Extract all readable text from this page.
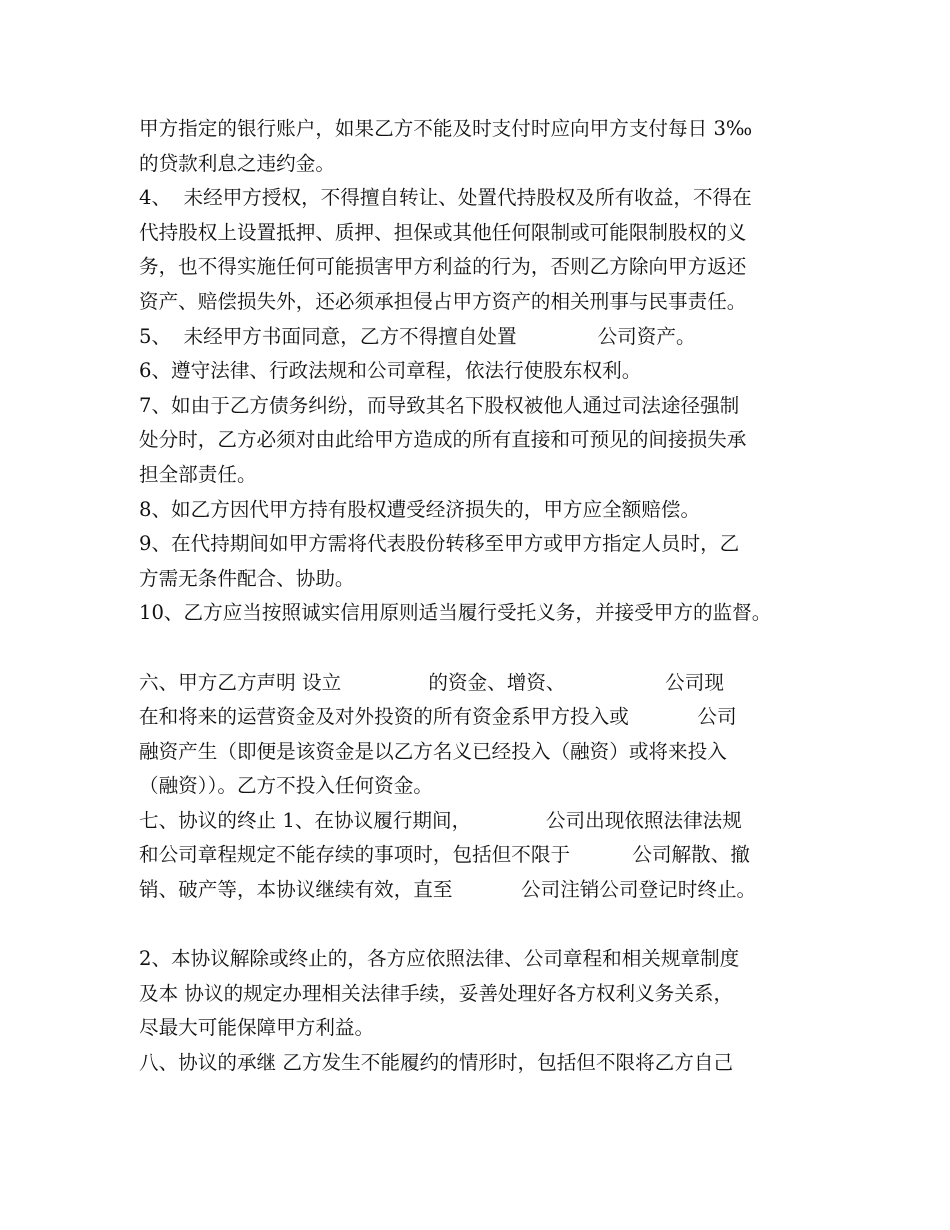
甲方指定的银行账户，如果乙方不能及时支付时应向甲方支付每日 3‰
的贷款利息之违约金。
4、  未经甲方授权，不得擅自转让、处置代持股权及所有收益，不得在
代持股权上设置抵押、质押、担保或其他任何限制或可能限制股权的义
务，也不得实施任何可能损害甲方利益的行为，否则乙方除向甲方返还
资产、赔偿损失外，还必须承担侵占甲方资产的相关刑事与民事责任。
5、  未经甲方书面同意，乙方不得擅自处置             公司资产。
6、遵守法律、行政法规和公司章程，依法行使股东权利。
7、如由于乙方债务纠纷，而导致其名下股权被他人通过司法途径强制
处分时，乙方必须对由此给甲方造成的所有直接和可预见的间接损失承
担全部责任。
8、如乙方因代甲方持有股权遭受经济损失的，甲方应全额赔偿。
9、在代持期间如甲方需将代表股份转移至甲方或甲方指定人员时，乙
方需无条件配合、协助。
10、乙方应当按照诚实信用原则适当履行受托义务，并接受甲方的监督。
六、甲方乙方声明 设立              的资金、增资、                公司现
在和将来的运营资金及对外投资的所有资金系甲方投入或           公司
融资产生（即便是该资金是以乙方名义已经投入（融资）或将来投入
（融资））。乙方不投入任何资金。
七、协议的终止 1、在协议履行期间，            公司出现依照法律法规
和公司章程规定不能存续的事项时，包括但不限于          公司解散、撤
销、破产等，本协议继续有效，直至           公司注销公司登记时终止。
2、本协议解除或终止的，各方应依照法律、公司章程和相关规章制度
及本 协议的规定办理相关法律手续，妥善处理好各方权利义务关系，
尽最大可能保障甲方利益。
八、协议的承继 乙方发生不能履约的情形时，包括但不限将乙方自己
